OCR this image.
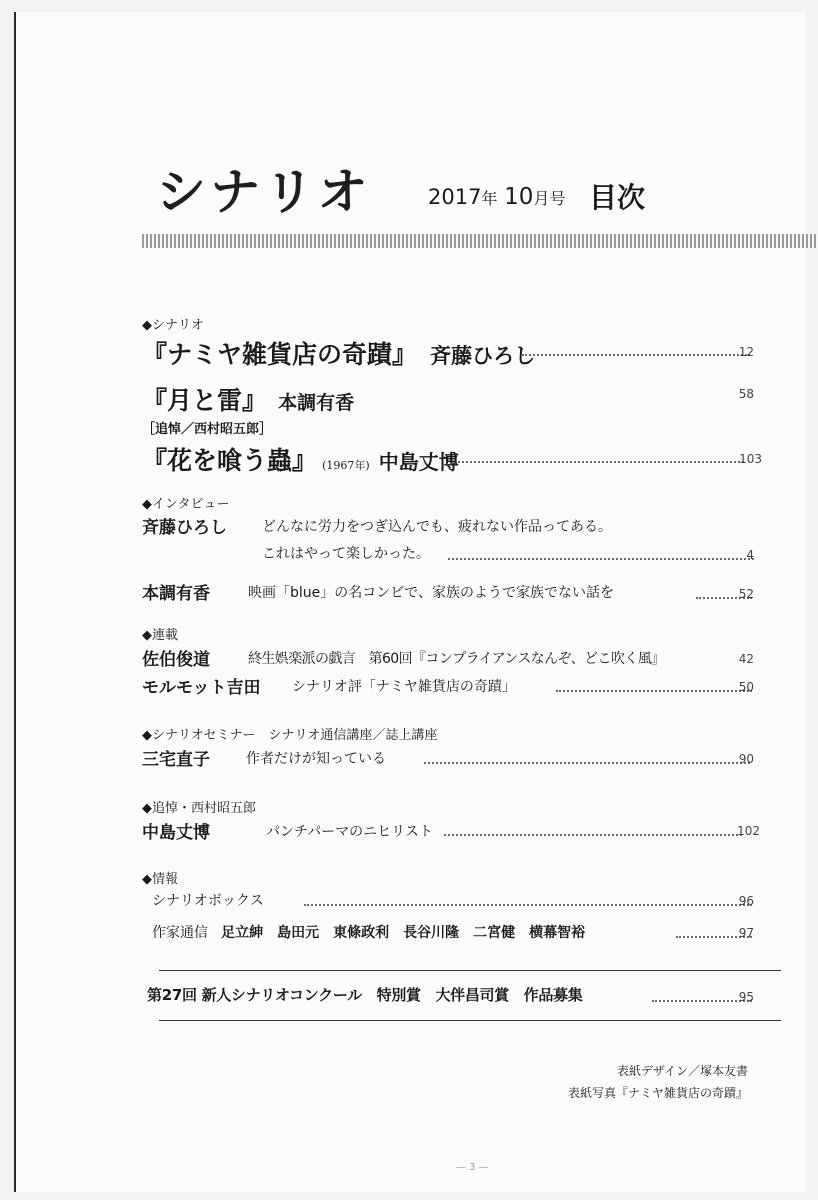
シナリオ	2017年 10月号 目次
◆シナリオ
『ナミヤ雑貨店の奇蹟』 斉藤ひろし	12
『月と雷』 本調有香	58
［追悼／西村昭五郎］
『花を喰う蟲』 (1967年) 中島丈博	103
◆インタビュー
斉藤ひろし	どんなに労力をつぎ込んでも、疲れない作品ってある。
これはやって楽しかった。	4
本調有香	映画「blue」の名コンビで、家族のようで家族でない話を	52
◆連載
佐伯俊道	終生娯楽派の戯言　第60回『コンプライアンスなんぞ、どこ吹く風』	42
モルモット吉田 シナリオ評「ナミヤ雑貨店の奇蹟」	50
◆シナリオセミナー　シナリオ通信講座／誌上講座
三宅直子	作者だけが知っている	90
◆追悼・西村昭五郎
中島丈博	パンチパーマのニヒリスト	102
◆情報
シナリオボックス	96
作家通信 足立紳　島田元　東條政利　長谷川隆　二宮健　横幕智裕	97
第27回 新人シナリオコンクール　特別賞　大伴昌司賞　作品募集	95
表紙デザイン／塚本友書
表紙写真『ナミヤ雑貨店の奇蹟』
— 3 —
